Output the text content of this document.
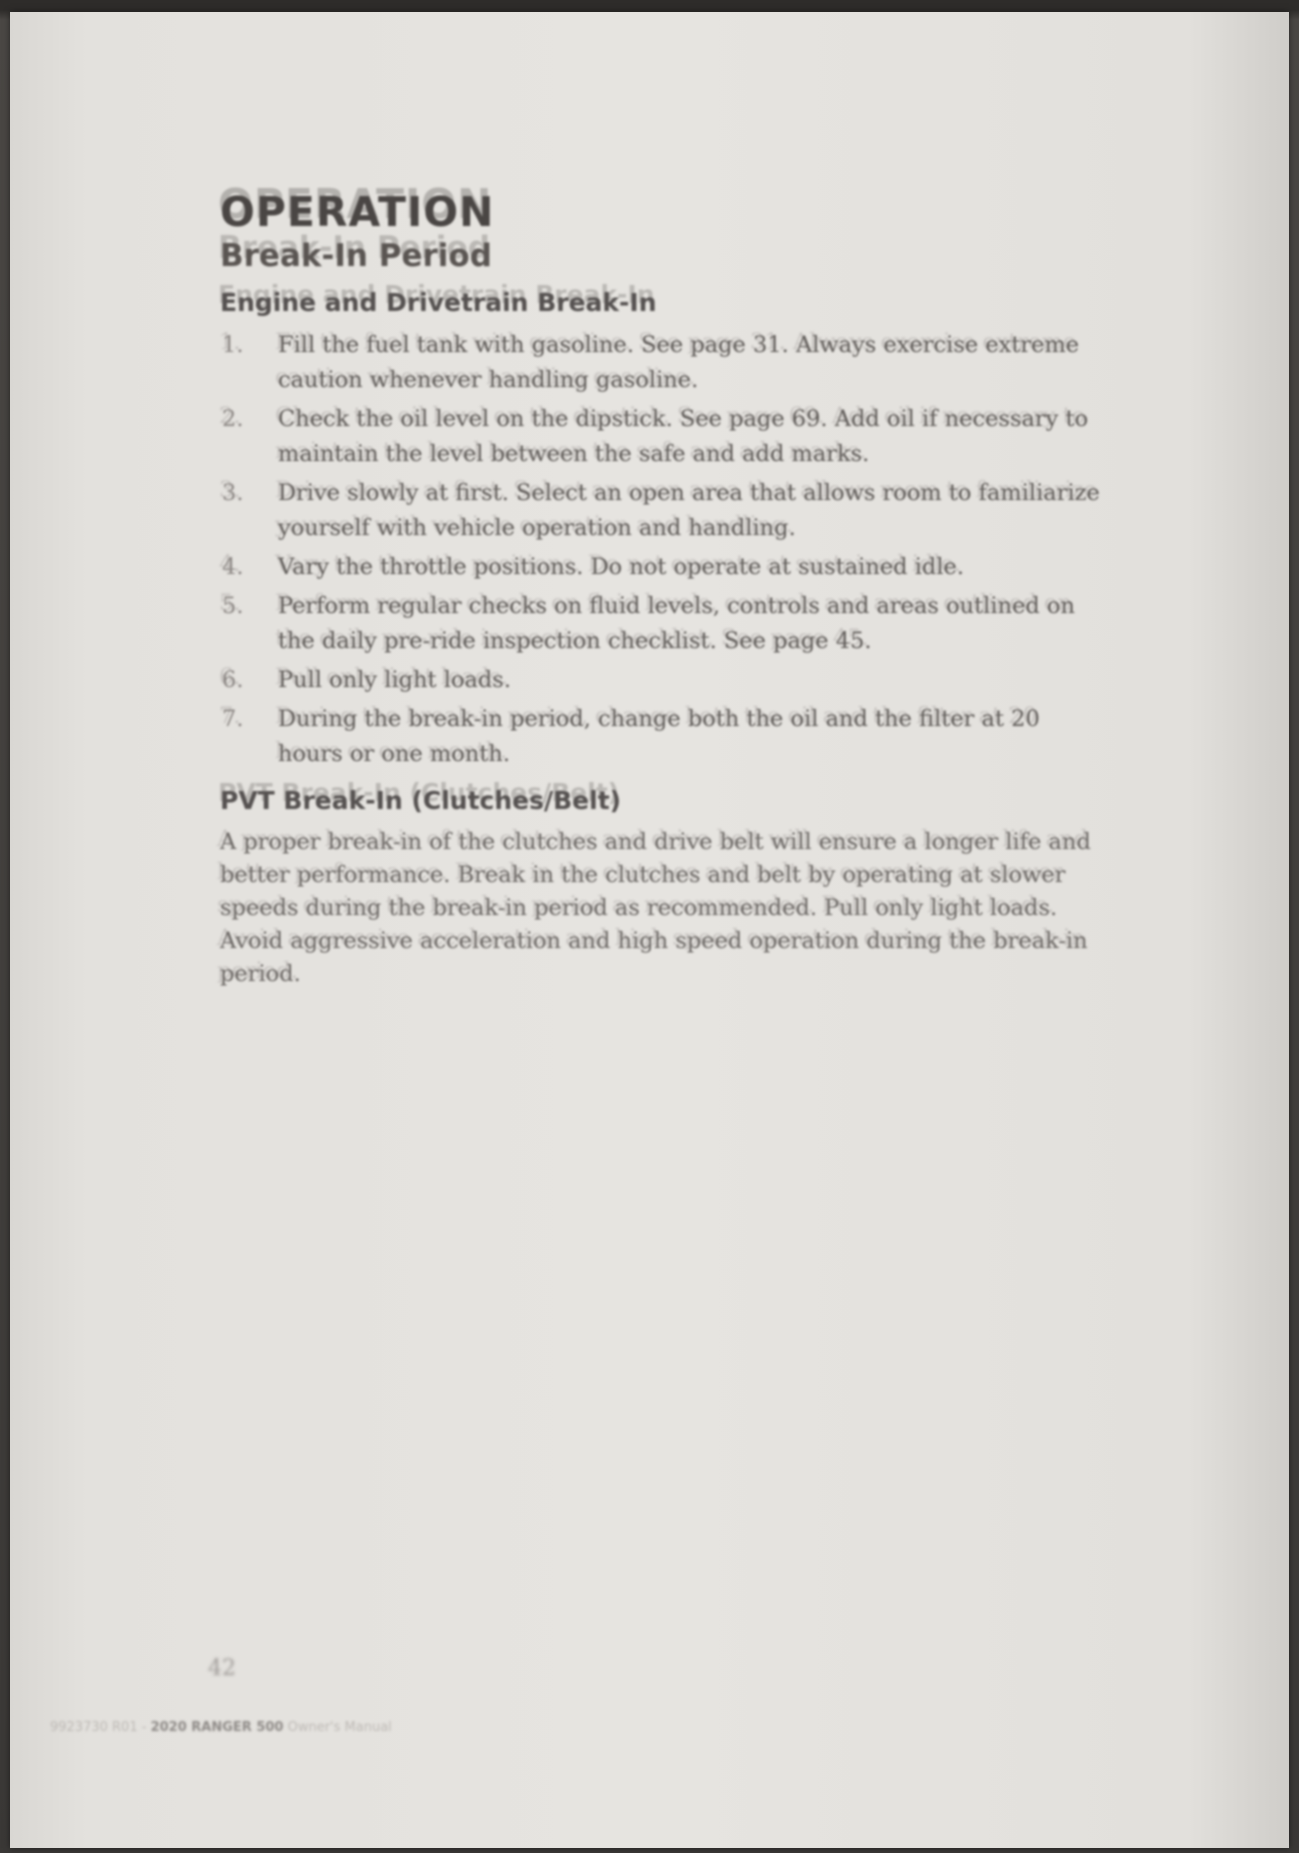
OPERATION
Break-In Period
Engine and Drivetrain Break-In
1. Fill the fuel tank with gasoline. See page 31. Always exercise extreme caution whenever handling gasoline.
2. Check the oil level on the dipstick. See page 69. Add oil if necessary to maintain the level between the safe and add marks.
3. Drive slowly at first. Select an open area that allows room to familiarize yourself with vehicle operation and handling.
4. Vary the throttle positions. Do not operate at sustained idle.
5. Perform regular checks on fluid levels, controls and areas outlined on the daily pre-ride inspection checklist. See page 45.
6. Pull only light loads.
7. During the break-in period, change both the oil and the filter at 20 hours or one month.
PVT Break-In (Clutches/Belt)

A proper break-in of the clutches and drive belt will ensure a longer life and better performance. Break in the clutches and belt by operating at slower speeds during the break-in period as recommended. Pull only light loads. Avoid aggressive acceleration and high speed operation during the break-in period.

42
9923730 R01 - 2020 RANGER 500 Owner's Manual
